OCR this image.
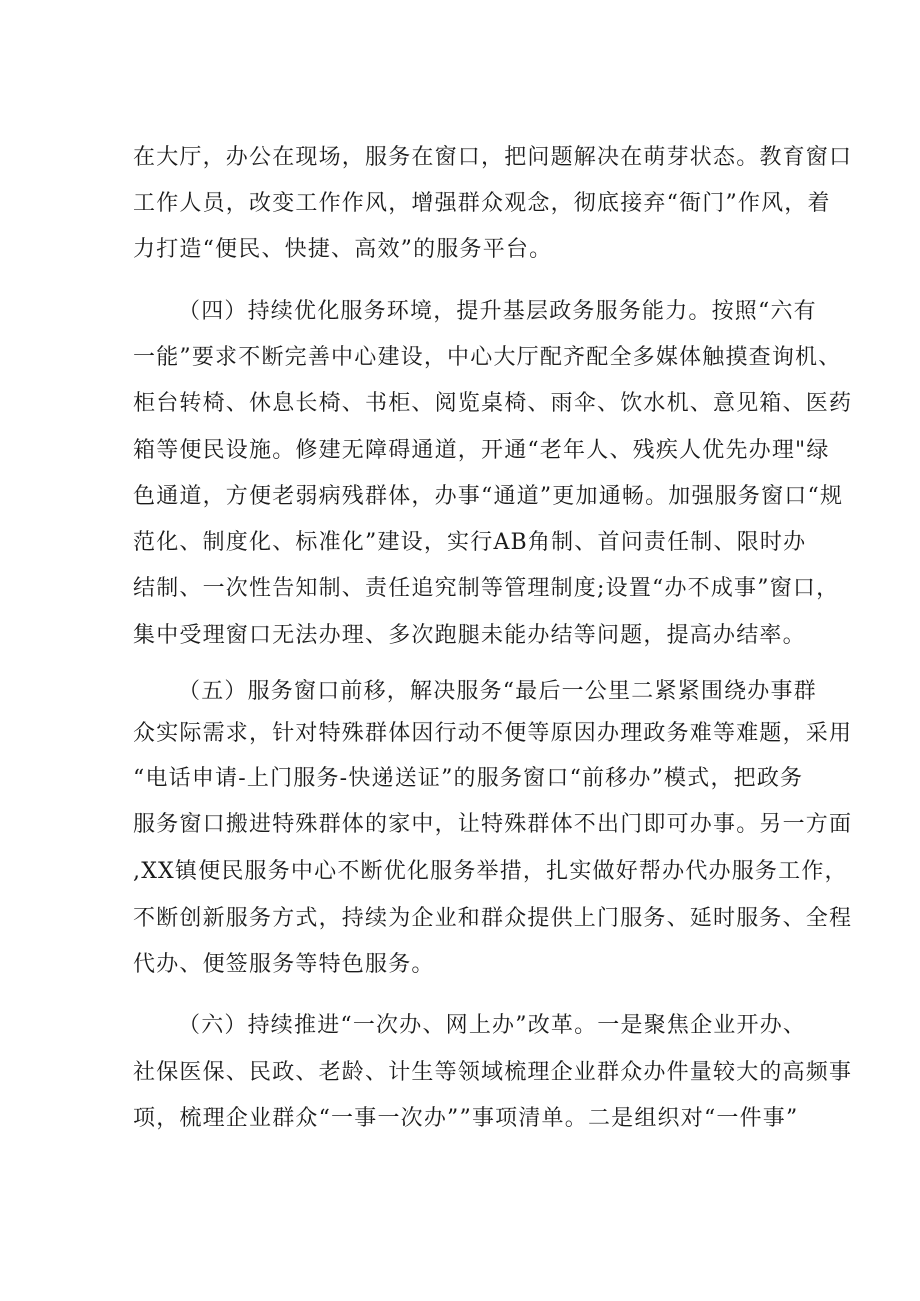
在大厅，办公在现场，服务在窗口，把问题解决在萌芽状态。教育窗口
工作人员，改变工作作风，增强群众观念，彻底接弃“衙门”作风，着
力打造“便民、快捷、高效”的服务平台。
（四）持续优化服务环境，提升基层政务服务能力。按照“六有
一能”要求不断完善中心建设，中心大厅配齐配全多媒体触摸查询机、
柜台转椅、休息长椅、书柜、阅览桌椅、雨伞、饮水机、意见箱、医药
箱等便民设施。修建无障碍通道，开通“老年人、残疾人优先办理"绿
色通道，方便老弱病残群体，办事“通道”更加通畅。加强服务窗口“规
范化、制度化、标准化”建设，实行AB角制、首问责任制、限时办
结制、一次性告知制、责任追究制等管理制度;设置“办不成事”窗口，
集中受理窗口无法办理、多次跑腿未能办结等问题，提高办结率。
（五）服务窗口前移，解决服务“最后一公里二紧紧围绕办事群
众实际需求，针对特殊群体因行动不便等原因办理政务难等难题，采用
“电话申请-上门服务-快递送证”的服务窗口“前移办”模式，把政务
服务窗口搬进特殊群体的家中，让特殊群体不出门即可办事。另一方面
,XX镇便民服务中心不断优化服务举措，扎实做好帮办代办服务工作，
不断创新服务方式，持续为企业和群众提供上门服务、延时服务、全程
代办、便签服务等特色服务。
（六）持续推进“一次办、网上办”改革。一是聚焦企业开办、
社保医保、民政、老龄、计生等领域梳理企业群众办件量较大的高频事
项，梳理企业群众“一事一次办””事项清单。二是组织对“一件事”
